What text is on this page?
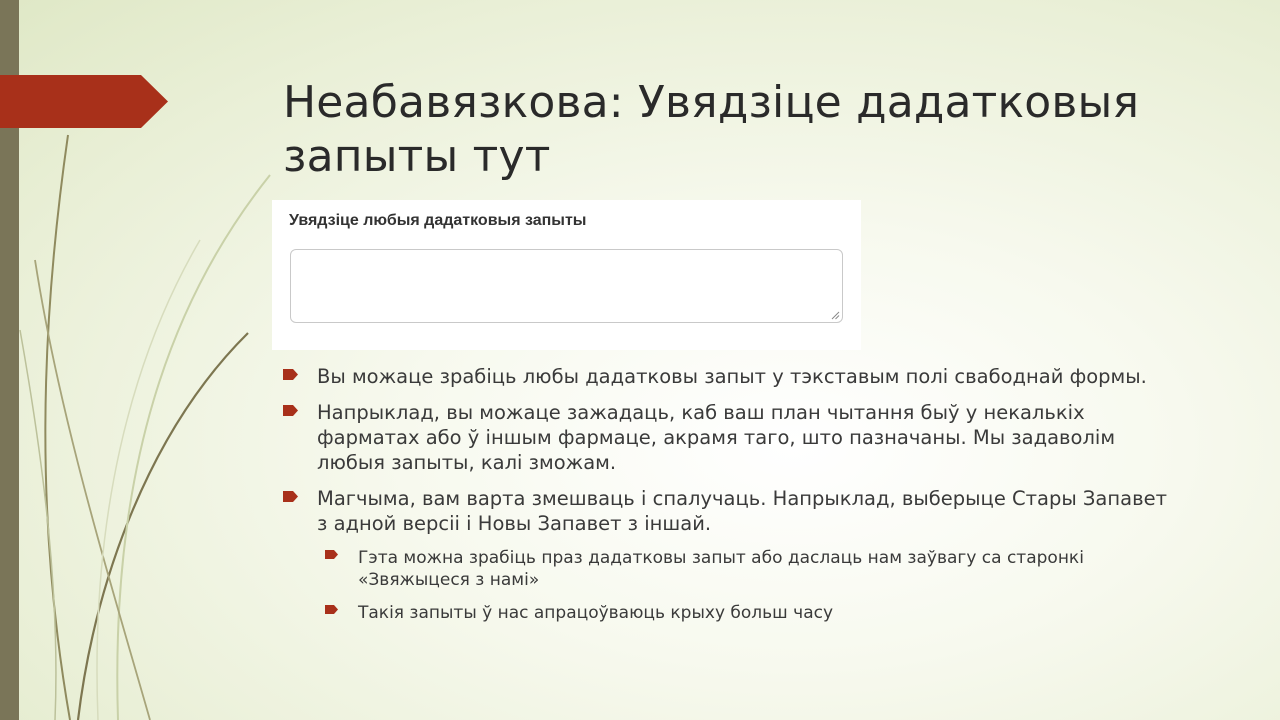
Неабавязкова: Увядзіце дадатковыя запыты тут
Увядзіце любыя дадатковыя запыты
Вы можаце зрабіць любы дадатковы запыт у тэкставым полі свабоднай формы.
Напрыклад, вы можаце зажадаць, каб ваш план чытання быў у некалькіх фарматах або ў іншым фармаце, акрамя таго, што пазначаны. Мы задаволім любыя запыты, калі зможам.
Магчыма, вам варта змешваць і спалучаць. Напрыклад, выберыце Стары Запавет з адной версіі і Новы Запавет з іншай.
Гэта можна зрабіць праз дадатковы запыт або даслаць нам заўвагу са старонкі «Звяжыцеся з намі»
Такія запыты ў нас апрацоўваюць крыху больш часу
